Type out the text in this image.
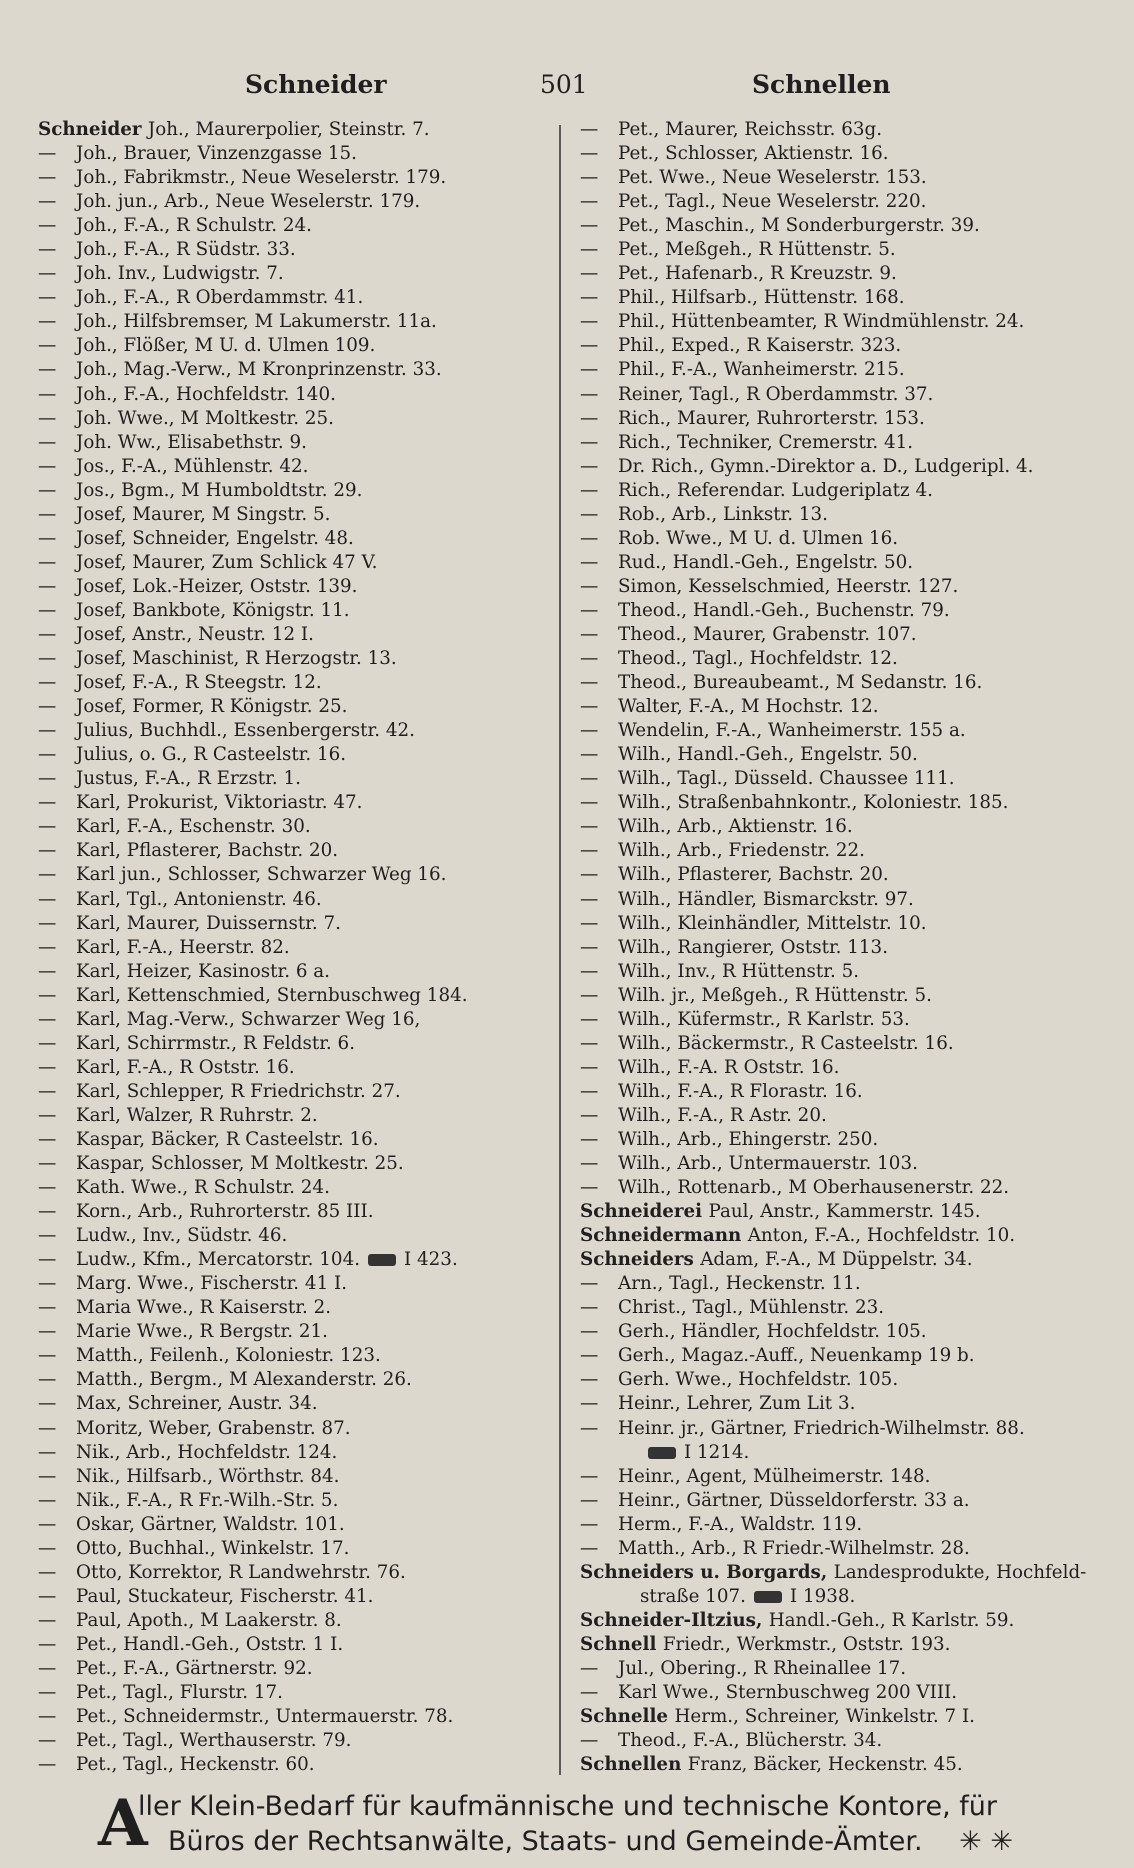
Schneider	501	Schnellen
Schneider Joh., Maurerpolier, Steinstr. 7.
— Joh., Brauer, Vinzenzgasse 15.
— Joh., Fabrikmstr., Neue Weselerstr. 179.
— Joh. jun., Arb., Neue Weselerstr. 179.
— Joh., F.-A., R Schulstr. 24.
— Joh., F.-A., R Südstr. 33.
— Joh. Inv., Ludwigstr. 7.
— Joh., F.-A., R Oberdammstr. 41.
— Joh., Hilfsbremser, M Lakumerstr. 11a.
— Joh., Flößer, M U. d. Ulmen 109.
— Joh., Mag.-Verw., M Kronprinzenstr. 33.
— Joh., F.-A., Hochfeldstr. 140.
— Joh. Wwe., M Moltkestr. 25.
— Joh. Ww., Elisabethstr. 9.
— Jos., F.-A., Mühlenstr. 42.
— Jos., Bgm., M Humboldtstr. 29.
— Josef, Maurer, M Singstr. 5.
— Josef, Schneider, Engelstr. 48.
— Josef, Maurer, Zum Schlick 47 V.
— Josef, Lok.-Heizer, Oststr. 139.
— Josef, Bankbote, Königstr. 11.
— Josef, Anstr., Neustr. 12 I.
— Josef, Maschinist, R Herzogstr. 13.
— Josef, F.-A., R Steegstr. 12.
— Josef, Former, R Königstr. 25.
— Julius, Buchhdl., Essenbergerstr. 42.
— Julius, o. G., R Casteelstr. 16.
— Justus, F.-A., R Erzstr. 1.
— Karl, Prokurist, Viktoriastr. 47.
— Karl, F.-A., Eschenstr. 30.
— Karl, Pflasterer, Bachstr. 20.
— Karl jun., Schlosser, Schwarzer Weg 16.
— Karl, Tgl., Antonienstr. 46.
— Karl, Maurer, Duissernstr. 7.
— Karl, F.-A., Heerstr. 82.
— Karl, Heizer, Kasinostr. 6 a.
— Karl, Kettenschmied, Sternbuschweg 184.
— Karl, Mag.-Verw., Schwarzer Weg 16,
— Karl, Schirrmstr., R Feldstr. 6.
— Karl, F.-A., R Oststr. 16.
— Karl, Schlepper, R Friedrichstr. 27.
— Karl, Walzer, R Ruhrstr. 2.
— Kaspar, Bäcker, R Casteelstr. 16.
— Kaspar, Schlosser, M Moltkestr. 25.
— Kath. Wwe., R Schulstr. 24.
— Korn., Arb., Ruhrorterstr. 85 III.
— Ludw., Inv., Südstr. 46.
— Ludw., Kfm., Mercatorstr. 104. I 423.
— Marg. Wwe., Fischerstr. 41 I.
— Maria Wwe., R Kaiserstr. 2.
— Marie Wwe., R Bergstr. 21.
— Matth., Feilenh., Koloniestr. 123.
— Matth., Bergm., M Alexanderstr. 26.
— Max, Schreiner, Austr. 34.
— Moritz, Weber, Grabenstr. 87.
— Nik., Arb., Hochfeldstr. 124.
— Nik., Hilfsarb., Wörthstr. 84.
— Nik., F.-A., R Fr.-Wilh.-Str. 5.
— Oskar, Gärtner, Waldstr. 101.
— Otto, Buchhal., Winkelstr. 17.
— Otto, Korrektor, R Landwehrstr. 76.
— Paul, Stuckateur, Fischerstr. 41.
— Paul, Apoth., M Laakerstr. 8.
— Pet., Handl.-Geh., Oststr. 1 I.
— Pet., F.-A., Gärtnerstr. 92.
— Pet., Tagl., Flurstr. 17.
— Pet., Schneidermstr., Untermauerstr. 78.
— Pet., Tagl., Werthauserstr. 79.
— Pet., Tagl., Heckenstr. 60.
— Pet., Maurer, Reichsstr. 63g.
— Pet., Schlosser, Aktienstr. 16.
— Pet. Wwe., Neue Weselerstr. 153.
— Pet., Tagl., Neue Weselerstr. 220.
— Pet., Maschin., M Sonderburgerstr. 39.
— Pet., Meßgeh., R Hüttenstr. 5.
— Pet., Hafenarb., R Kreuzstr. 9.
— Phil., Hilfsarb., Hüttenstr. 168.
— Phil., Hüttenbeamter, R Windmühlenstr. 24.
— Phil., Exped., R Kaiserstr. 323.
— Phil., F.-A., Wanheimerstr. 215.
— Reiner, Tagl., R Oberdammstr. 37.
— Rich., Maurer, Ruhrorterstr. 153.
— Rich., Techniker, Cremerstr. 41.
— Dr. Rich., Gymn.-Direktor a. D., Ludgeripl. 4.
— Rich., Referendar. Ludgeriplatz 4.
— Rob., Arb., Linkstr. 13.
— Rob. Wwe., M U. d. Ulmen 16.
— Rud., Handl.-Geh., Engelstr. 50.
— Simon, Kesselschmied, Heerstr. 127.
— Theod., Handl.-Geh., Buchenstr. 79.
— Theod., Maurer, Grabenstr. 107.
— Theod., Tagl., Hochfeldstr. 12.
— Theod., Bureaubeamt., M Sedanstr. 16.
— Walter, F.-A., M Hochstr. 12.
— Wendelin, F.-A., Wanheimerstr. 155 a.
— Wilh., Handl.-Geh., Engelstr. 50.
— Wilh., Tagl., Düsseld. Chaussee 111.
— Wilh., Straßenbahnkontr., Koloniestr. 185.
— Wilh., Arb., Aktienstr. 16.
— Wilh., Arb., Friedenstr. 22.
— Wilh., Pflasterer, Bachstr. 20.
— Wilh., Händler, Bismarckstr. 97.
— Wilh., Kleinhändler, Mittelstr. 10.
— Wilh., Rangierer, Oststr. 113.
— Wilh., Inv., R Hüttenstr. 5.
— Wilh. jr., Meßgeh., R Hüttenstr. 5.
— Wilh., Küfermstr., R Karlstr. 53.
— Wilh., Bäckermstr., R Casteelstr. 16.
— Wilh., F.-A. R Oststr. 16.
— Wilh., F.-A., R Florastr. 16.
— Wilh., F.-A., R Astr. 20.
— Wilh., Arb., Ehingerstr. 250.
— Wilh., Arb., Untermauerstr. 103.
— Wilh., Rottenarb., M Oberhausenerstr. 22.
Schneiderei Paul, Anstr., Kammerstr. 145.
Schneidermann Anton, F.-A., Hochfeldstr. 10.
Schneiders Adam, F.-A., M Düppelstr. 34.
— Arn., Tagl., Heckenstr. 11.
— Christ., Tagl., Mühlenstr. 23.
— Gerh., Händler, Hochfeldstr. 105.
— Gerh., Magaz.-Auff., Neuenkamp 19 b.
— Gerh. Wwe., Hochfeldstr. 105.
— Heinr., Lehrer, Zum Lit 3.
— Heinr. jr., Gärtner, Friedrich-Wilhelmstr. 88.
I 1214.
— Heinr., Agent, Mülheimerstr. 148.
— Heinr., Gärtner, Düsseldorferstr. 33 a.
— Herm., F.-A., Waldstr. 119.
— Matth., Arb., R Friedr.-Wilhelmstr. 28.
Schneiders u. Borgards, Landesprodukte, Hochfeld-
straße 107. I 1938.
Schneider-Iltzius, Handl.-Geh., R Karlstr. 59.
Schnell Friedr., Werkmstr., Oststr. 193.
— Jul., Obering., R Rheinallee 17.
— Karl Wwe., Sternbuschweg 200 VIII.
Schnelle Herm., Schreiner, Winkelstr. 7 I.
— Theod., F.-A., Blücherstr. 34.
Schnellen Franz, Bäcker, Heckenstr. 45.
A
ller Klein-Bedarf für kaufmännische und technische Kontore, für
Büros der Rechtsanwälte, Staats- und Gemeinde-Ämter. ✳ ✳
